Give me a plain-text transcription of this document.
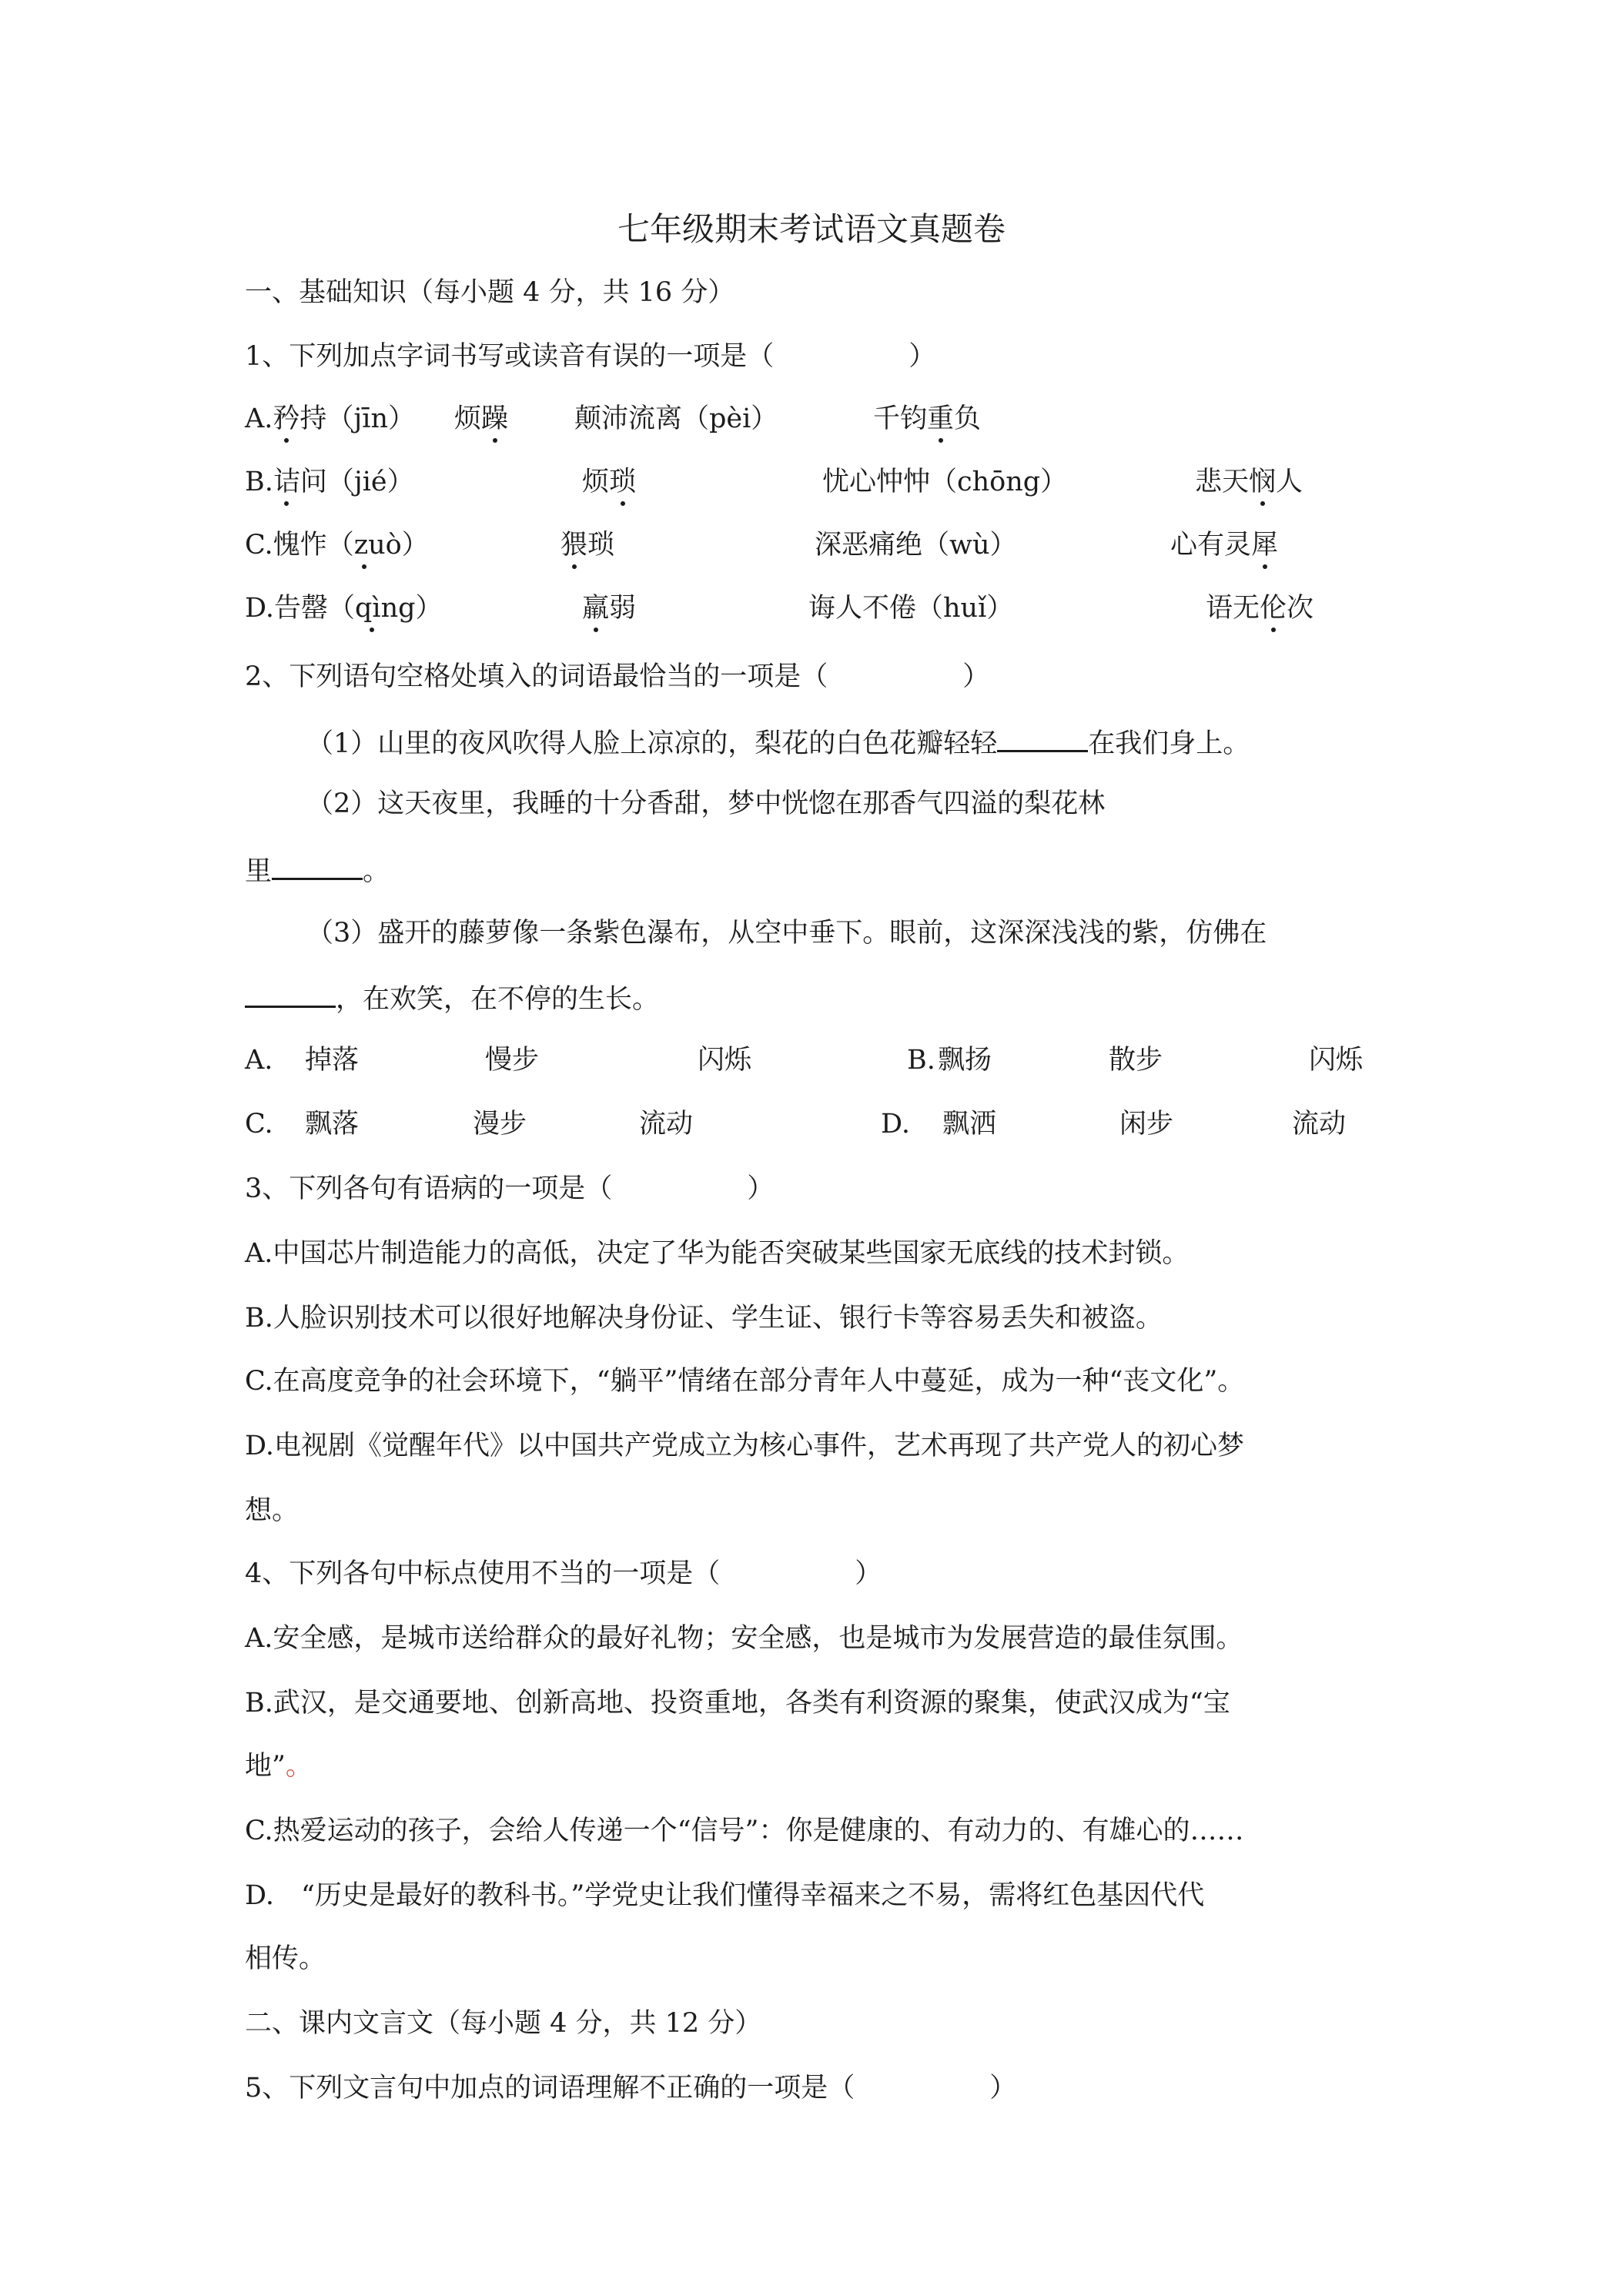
七年级期末考试语文真题卷
一、基础知识（每小题 4 分，共 16 分）
1、下列加点字词书写或读音有误的一项是（　　　　　）
A.矜持（jīn） 烦躁 颠沛流离（pèi）	千钧重负
B.诘问（jié）	烦琐	忧心忡忡（chōng）	悲天悯人
C.愧怍（zuò）	猥琐	深恶痛绝（wù）	心有灵犀
D.告罄（qìng）	羸弱	诲人不倦（huǐ）	语无伦次
2、下列语句空格处填入的词语最恰当的一项是（　　　　　）
（1）山里的夜风吹得人脸上凉凉的，梨花的白色花瓣轻轻	在我们身上。
（2）这天夜里，我睡的十分香甜，梦中恍惚在那香气四溢的梨花林
里	。
（3）盛开的藤萝像一条紫色瀑布，从空中垂下。眼前，这深深浅浅的紫，仿佛在
，在欢笑，在不停的生长。
A. 掉落	慢步	闪烁	B. 飘扬	散步	闪烁
C. 飘落	漫步	流动	D. 飘洒	闲步	流动
3、下列各句有语病的一项是（　　　　　）
A.中国芯片制造能力的高低，决定了华为能否突破某些国家无底线的技术封锁。
B.人脸识别技术可以很好地解决身份证、学生证、银行卡等容易丢失和被盗。
C.在高度竞争的社会环境下，“躺平”情绪在部分青年人中蔓延，成为一种“丧文化”。
D.电视剧《觉醒年代》以中国共产党成立为核心事件，艺术再现了共产党人的初心梦
想。
4、下列各句中标点使用不当的一项是（　　　　　）
A.安全感，是城市送给群众的最好礼物；安全感，也是城市为发展营造的最佳氛围。
B.武汉，是交通要地、创新高地、投资重地，各类有利资源的聚集，使武汉成为“宝
地”。
C.热爱运动的孩子，会给人传递一个“信号”：你是健康的、有动力的、有雄心的……
D.　“历史是最好的教科书。”学党史让我们懂得幸福来之不易，需将红色基因代代
相传。
二、课内文言文（每小题 4 分，共 12 分）
5、下列文言句中加点的词语理解不正确的一项是（　　　　　）
